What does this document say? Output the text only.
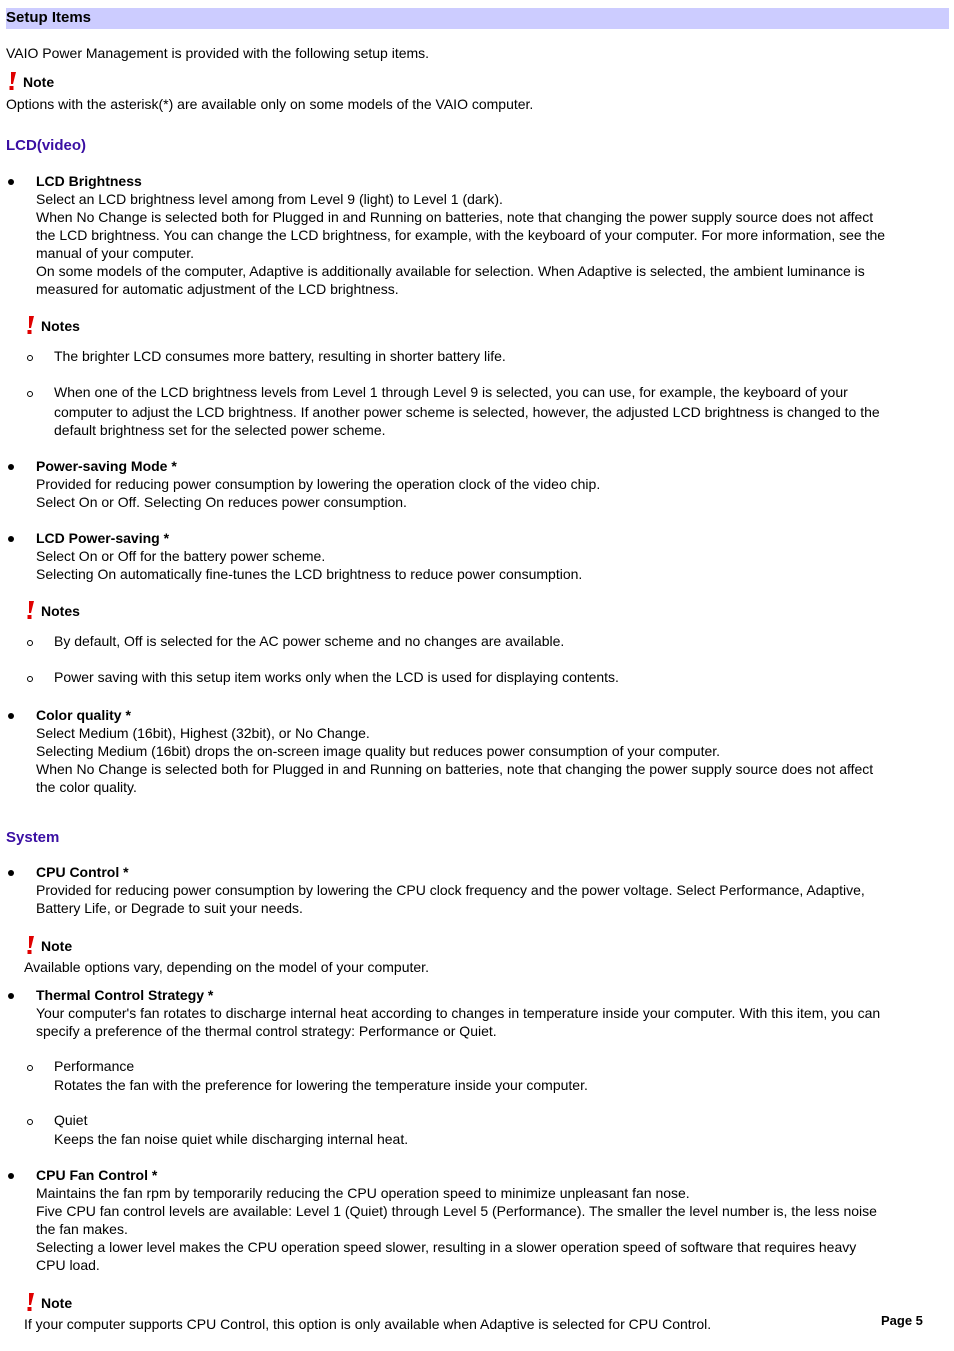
Setup Items
VAIO Power Management is provided with the following setup items.
Note
Options with the asterisk(*) are available only on some models of the VAIO computer.
LCD(video)
LCD Brightness
Select an LCD brightness level among from Level 9 (light) to Level 1 (dark).
When No Change is selected both for Plugged in and Running on batteries, note that changing the power supply source does not affect
the LCD brightness. You can change the LCD brightness, for example, with the keyboard of your computer. For more information, see the
manual of your computer.
On some models of the computer, Adaptive is additionally available for selection. When Adaptive is selected, the ambient luminance is
measured for automatic adjustment of the LCD brightness.
Notes
The brighter LCD consumes more battery, resulting in shorter battery life.
When one of the LCD brightness levels from Level 1 through Level 9 is selected, you can use, for example, the keyboard of your
computer to adjust the LCD brightness. If another power scheme is selected, however, the adjusted LCD brightness is changed to the
default brightness set for the selected power scheme.
Power-saving Mode *
Provided for reducing power consumption by lowering the operation clock of the video chip.
Select On or Off. Selecting On reduces power consumption.
LCD Power-saving *
Select On or Off for the battery power scheme.
Selecting On automatically fine-tunes the LCD brightness to reduce power consumption.
Notes
By default, Off is selected for the AC power scheme and no changes are available.
Power saving with this setup item works only when the LCD is used for displaying contents.
Color quality *
Select Medium (16bit), Highest (32bit), or No Change.
Selecting Medium (16bit) drops the on-screen image quality but reduces power consumption of your computer.
When No Change is selected both for Plugged in and Running on batteries, note that changing the power supply source does not affect
the color quality.
System
CPU Control *
Provided for reducing power consumption by lowering the CPU clock frequency and the power voltage. Select Performance, Adaptive,
Battery Life, or Degrade to suit your needs.
Note
Available options vary, depending on the model of your computer.
Thermal Control Strategy *
Your computer's fan rotates to discharge internal heat according to changes in temperature inside your computer. With this item, you can
specify a preference of the thermal control strategy: Performance or Quiet.
Performance
Rotates the fan with the preference for lowering the temperature inside your computer.
Quiet
Keeps the fan noise quiet while discharging internal heat.
CPU Fan Control *
Maintains the fan rpm by temporarily reducing the CPU operation speed to minimize unpleasant fan nose.
Five CPU fan control levels are available: Level 1 (Quiet) through Level 5 (Performance). The smaller the level number is, the less noise
the fan makes.
Selecting a lower level makes the CPU operation speed slower, resulting in a slower operation speed of software that requires heavy
CPU load.
Note
If your computer supports CPU Control, this option is only available when Adaptive is selected for CPU Control.	Page 5
